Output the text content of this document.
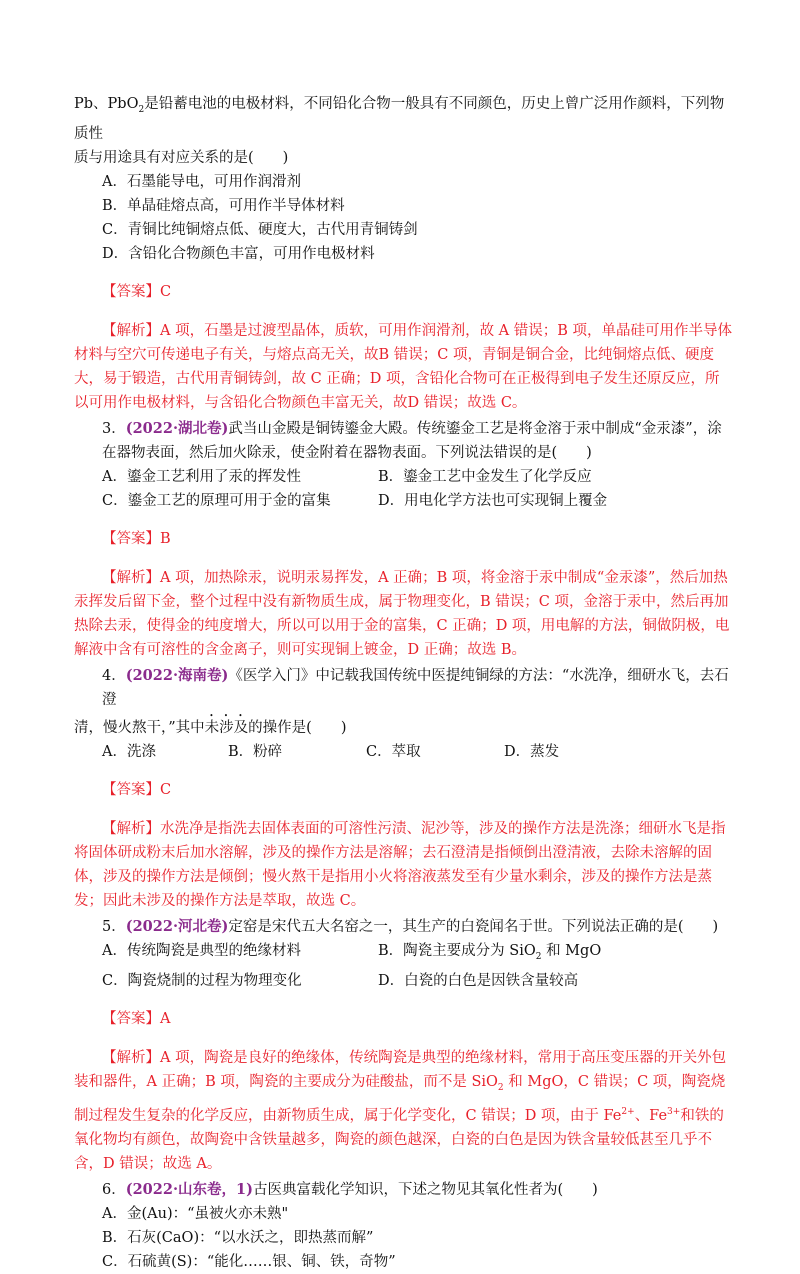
Pb、PbO$_2$是铅蓄电池的电极材料，不同铅化合物一般具有不同颜色，历史上曾广泛用作颜料，下列物质性
质与用途具有对应关系的是(　　)

A．石墨能导电，可用作润滑剂

B．单晶硅熔点高，可用作半导体材料

C．青铜比纯铜熔点低、硬度大，古代用青铜铸剑

D．含铅化合物颜色丰富，可用作电极材料

【答案】C

【解析】A 项，石墨是过渡型晶体，质软，可用作润滑剂，故 A 错误；B 项，单晶硅可用作半导体材料与空穴可传递电子有关，与熔点高无关，故B 错误；C 项，青铜是铜合金，比纯铜熔点低、硬度大，易于锻造，古代用青铜铸剑，故 C 正确；D 项，含铅化合物可在正极得到电子发生还原反应，所以可用作电极材料，与含铅化合物颜色丰富无关，故D 错误；故选 C。

3．(2022·湖北卷)武当山金殿是铜铸鎏金大殿。传统鎏金工艺是将金溶于汞中制成“金汞漆”，涂在器物表面，然后加火除汞，使金附着在器物表面。下列说法错误的是(　　)

A．鎏金工艺利用了汞的挥发性	B．鎏金工艺中金发生了化学反应
C．鎏金工艺的原理可用于金的富集	D．用电化学方法也可实现铜上覆金

【答案】B

【解析】A 项，加热除汞，说明汞易挥发，A 正确；B 项，将金溶于汞中制成“金汞漆”，然后加热汞挥发后留下金，整个过程中没有新物质生成，属于物理变化，B 错误；C 项，金溶于汞中，然后再加热除去汞，使得金的纯度增大，所以可以用于金的富集，C 正确；D 项，用电解的方法，铜做阴极，电解液中含有可溶性的含金离子，则可实现铜上镀金，D 正确；故选 B。

4．(2022·海南卷)《医学入门》中记载我国传统中医提纯铜绿的方法：“水洗净，细研水飞，去石澄

清，慢火熬干，”其中未涉及的操作是(　　)

A．洗涤	B．粉碎	C．萃取	D．蒸发

【答案】C

【解析】水洗净是指洗去固体表面的可溶性污渍、泥沙等，涉及的操作方法是洗涤；细研水飞是指将固体研成粉末后加水溶解，涉及的操作方法是溶解；去石澄清是指倾倒出澄清液，去除未溶解的固体，涉及的操作方法是倾倒；慢火熬干是指用小火将溶液蒸发至有少量水剩余，涉及的操作方法是蒸发；因此未涉及的操作方法是萃取，故选 C。

5．(2022·河北卷)定窑是宋代五大名窑之一，其生产的白瓷闻名于世。下列说法正确的是(　　)

A．传统陶瓷是典型的绝缘材料	B．陶瓷主要成分为 SiO$_2$ 和 MgO
C．陶瓷烧制的过程为物理变化	D．白瓷的白色是因铁含量较高

【答案】A

【解析】A 项，陶瓷是良好的绝缘体，传统陶瓷是典型的绝缘材料，常用于高压变压器的开关外包装和器件，A 正确；B 项，陶瓷的主要成分为硅酸盐，而不是 SiO$_2$ 和 MgO，C 错误；C 项，陶瓷烧制过程发生复杂的化学反应，由新物质生成，属于化学变化，C 错误；D 项，由于 $Fe^{2+}$、$Fe^{3+}$和铁的氧化物均有颜色，故陶瓷中含铁量越多，陶瓷的颜色越深，白瓷的白色是因为铁含量较低甚至几乎不含，D 错误；故选 A。

6．(2022·山东卷，1)古医典富载化学知识，下述之物见其氧化性者为(　　)

A．金(Au)：“虽被火亦未熟"

B．石灰(CaO)：“以水沃之，即热蒸而解”

C．石硫黄(S)：“能化……银、铜、铁，奇物”
